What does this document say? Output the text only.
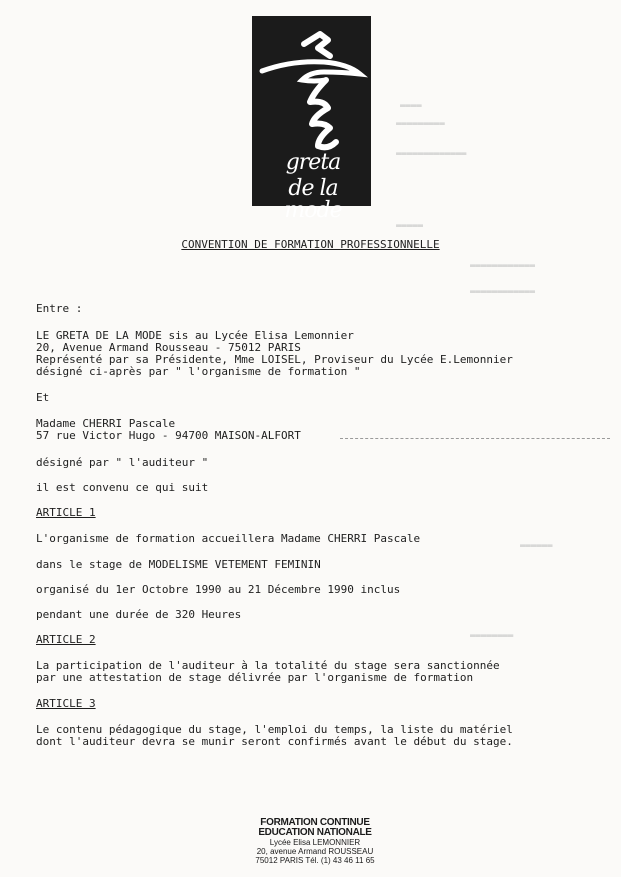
▬▬▬▬
▬▬▬▬▬▬▬▬▬
▬▬▬▬▬▬▬▬▬▬▬▬▬
▬▬▬▬▬
▬▬▬▬▬▬▬▬▬▬▬▬
▬▬▬▬▬▬▬▬▬▬▬▬
▬▬▬▬▬▬
▬▬▬▬▬▬▬▬
greta
de la mode
CONVENTION DE FORMATION PROFESSIONNELLE
Entre :
LE GRETA DE LA MODE sis au Lycée Elisa Lemonnier
20, Avenue Armand Rousseau - 75012 PARIS
Représenté par sa Présidente, Mme LOISEL, Proviseur du Lycée E.Lemonnier
désigné ci-après par " l'organisme de formation "
Et
Madame CHERRI Pascale
57 rue Victor Hugo - 94700 MAISON-ALFORT
désigné par " l'auditeur "
il est convenu ce qui suit
ARTICLE 1
L'organisme de formation accueillera Madame CHERRI Pascale
dans le stage de MODELISME VETEMENT FEMININ
organisé du 1er Octobre 1990 au 21 Décembre 1990 inclus
pendant une durée de 320 Heures
ARTICLE 2
La participation de l'auditeur à la totalité du stage sera sanctionnée
par une attestation de stage délivrée par l'organisme de formation
ARTICLE 3
Le contenu pédagogique du stage, l'emploi du temps, la liste du matériel
dont l'auditeur devra se munir seront confirmés avant le début du stage.
FORMATION CONTINUE
EDUCATION NATIONALE
Lycée Elisa LEMONNIER
20, avenue Armand ROUSSEAU
75012 PARIS Tél. (1) 43 46 11 65
